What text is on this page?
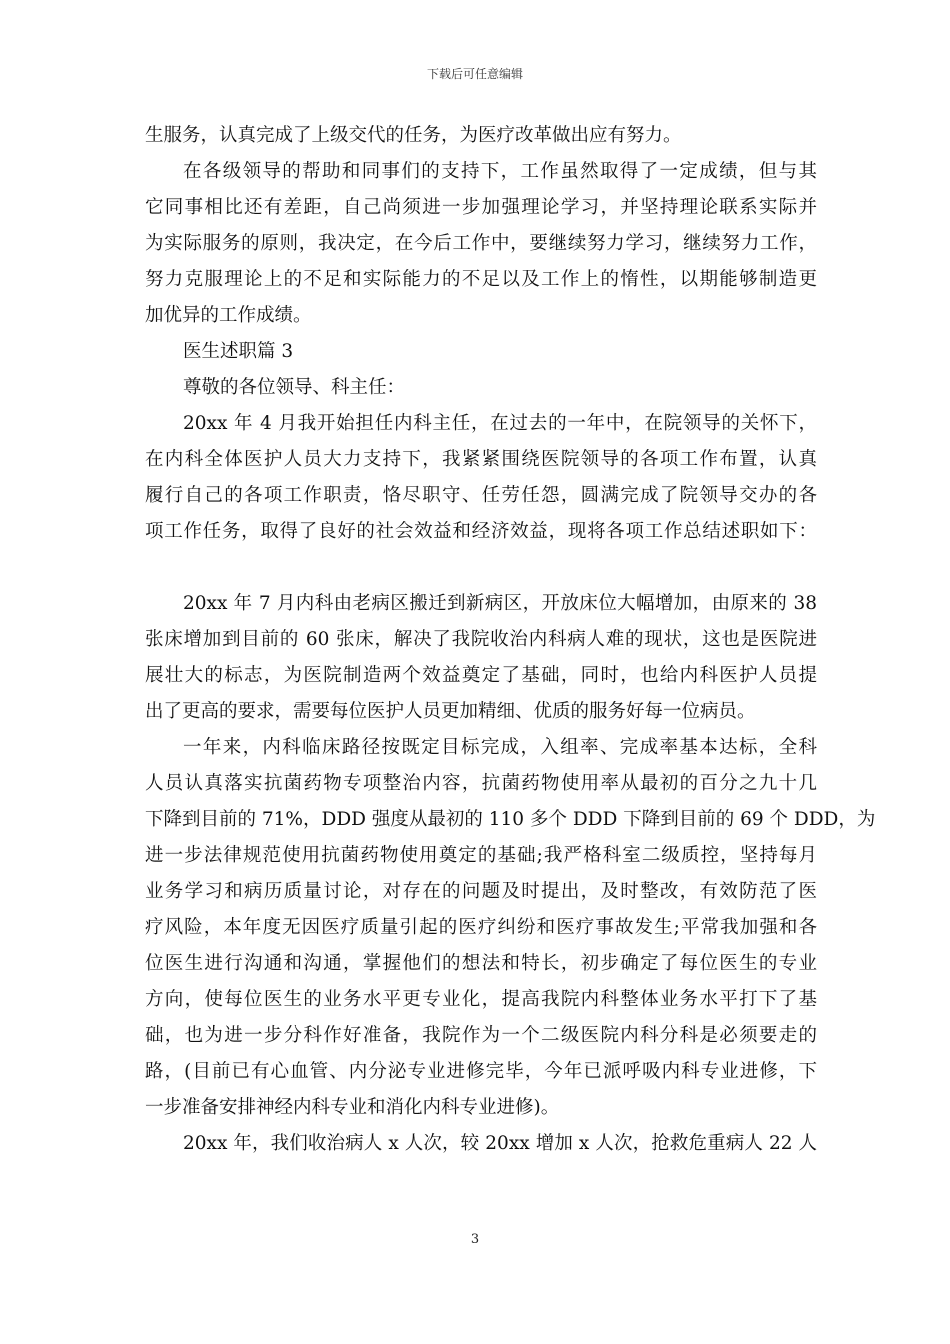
下载后可任意编辑
生服务，认真完成了上级交代的任务，为医疗改革做出应有努力。
在各级领导的帮助和同事们的支持下，工作虽然取得了一定成绩，但与其
它同事相比还有差距，自己尚须进一步加强理论学习，并坚持理论联系实际并
为实际服务的原则，我决定，在今后工作中，要继续努力学习，继续努力工作，
努力克服理论上的不足和实际能力的不足以及工作上的惰性，以期能够制造更
加优异的工作成绩。
医生述职篇 3
尊敬的各位领导、科主任：
20xx 年 4 月我开始担任内科主任，在过去的一年中，在院领导的关怀下，
在内科全体医护人员大力支持下，我紧紧围绕医院领导的各项工作布置，认真
履行自己的各项工作职责，恪尽职守、任劳任怨，圆满完成了院领导交办的各
项工作任务，取得了良好的社会效益和经济效益，现将各项工作总结述职如下：
20xx 年 7 月内科由老病区搬迁到新病区，开放床位大幅增加，由原来的 38
张床增加到目前的 60 张床，解决了我院收治内科病人难的现状，这也是医院进
展壮大的标志，为医院制造两个效益奠定了基础，同时，也给内科医护人员提
出了更高的要求，需要每位医护人员更加精细、优质的服务好每一位病员。
一年来，内科临床路径按既定目标完成，入组率、完成率基本达标，全科
人员认真落实抗菌药物专项整治内容，抗菌药物使用率从最初的百分之九十几
下降到目前的 71%，DDD 强度从最初的 110 多个 DDD 下降到目前的 69 个 DDD，为
进一步法律规范使用抗菌药物使用奠定的基础;我严格科室二级质控，坚持每月
业务学习和病历质量讨论，对存在的问题及时提出，及时整改，有效防范了医
疗风险，本年度无因医疗质量引起的医疗纠纷和医疗事故发生;平常我加强和各
位医生进行沟通和沟通，掌握他们的想法和特长，初步确定了每位医生的专业
方向，使每位医生的业务水平更专业化，提高我院内科整体业务水平打下了基
础，也为进一步分科作好准备，我院作为一个二级医院内科分科是必须要走的
路，(目前已有心血管、内分泌专业进修完毕，今年已派呼吸内科专业进修，下
一步准备安排神经内科专业和消化内科专业进修)。
20xx 年，我们收治病人 x 人次，较 20xx 增加 x 人次，抢救危重病人 22 人
3
